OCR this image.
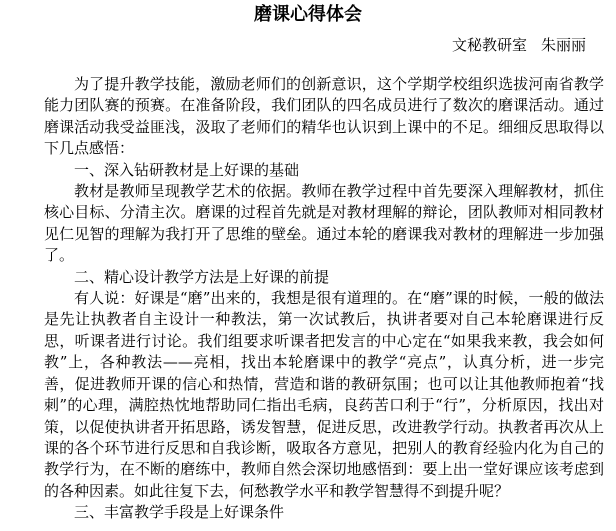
磨课心得体会
文秘教研室 朱丽丽

为了提升教学技能，激励老师们的创新意识，这个学期学校组织选拔河南省教学能力团队赛的预赛。在准备阶段，我们团队的四名成员进行了数次的磨课活动。通过磨课活动我受益匪浅，汲取了老师们的精华也认识到上课中的不足。细细反思取得以下几点感悟：

一、深入钻研教材是上好课的基础

教材是教师呈现教学艺术的依据。教师在教学过程中首先要深入理解教材，抓住核心目标、分清主次。磨课的过程首先就是对教材理解的辩论，团队教师对相同教材见仁见智的理解为我打开了思维的壁垒。通过本轮的磨课我对教材的理解进一步加强了。

二、精心设计教学方法是上好课的前提

有人说：好课是“磨”出来的，我想是很有道理的。在“磨”课的时候，一般的做法是先让执教者自主设计一种教法，第一次试教后，执讲者要对自己本轮磨课进行反思，听课者进行讨论。我们组要求听课者把发言的中心定在“如果我来教，我会如何教”上，各种教法——亮相，找出本轮磨课中的教学“亮点”，认真分析，进一步完善，促进教师开课的信心和热情，营造和谐的教研氛围；也可以让其他教师抱着“找刺”的心理，满腔热忱地帮助同仁指出毛病，良药苦口利于“行”，分析原因，找出对策，以促使执讲者开拓思路，诱发智慧，促进反思，改进教学行动。执教者再次从上课的各个环节进行反思和自我诊断，吸取各方意见，把别人的教育经验内化为自己的教学行为，在不断的磨练中，教师自然会深切地感悟到：要上出一堂好课应该考虑到的各种因素。如此往复下去，何愁教学水平和教学智慧得不到提升呢？

三、丰富教学手段是上好课条件
